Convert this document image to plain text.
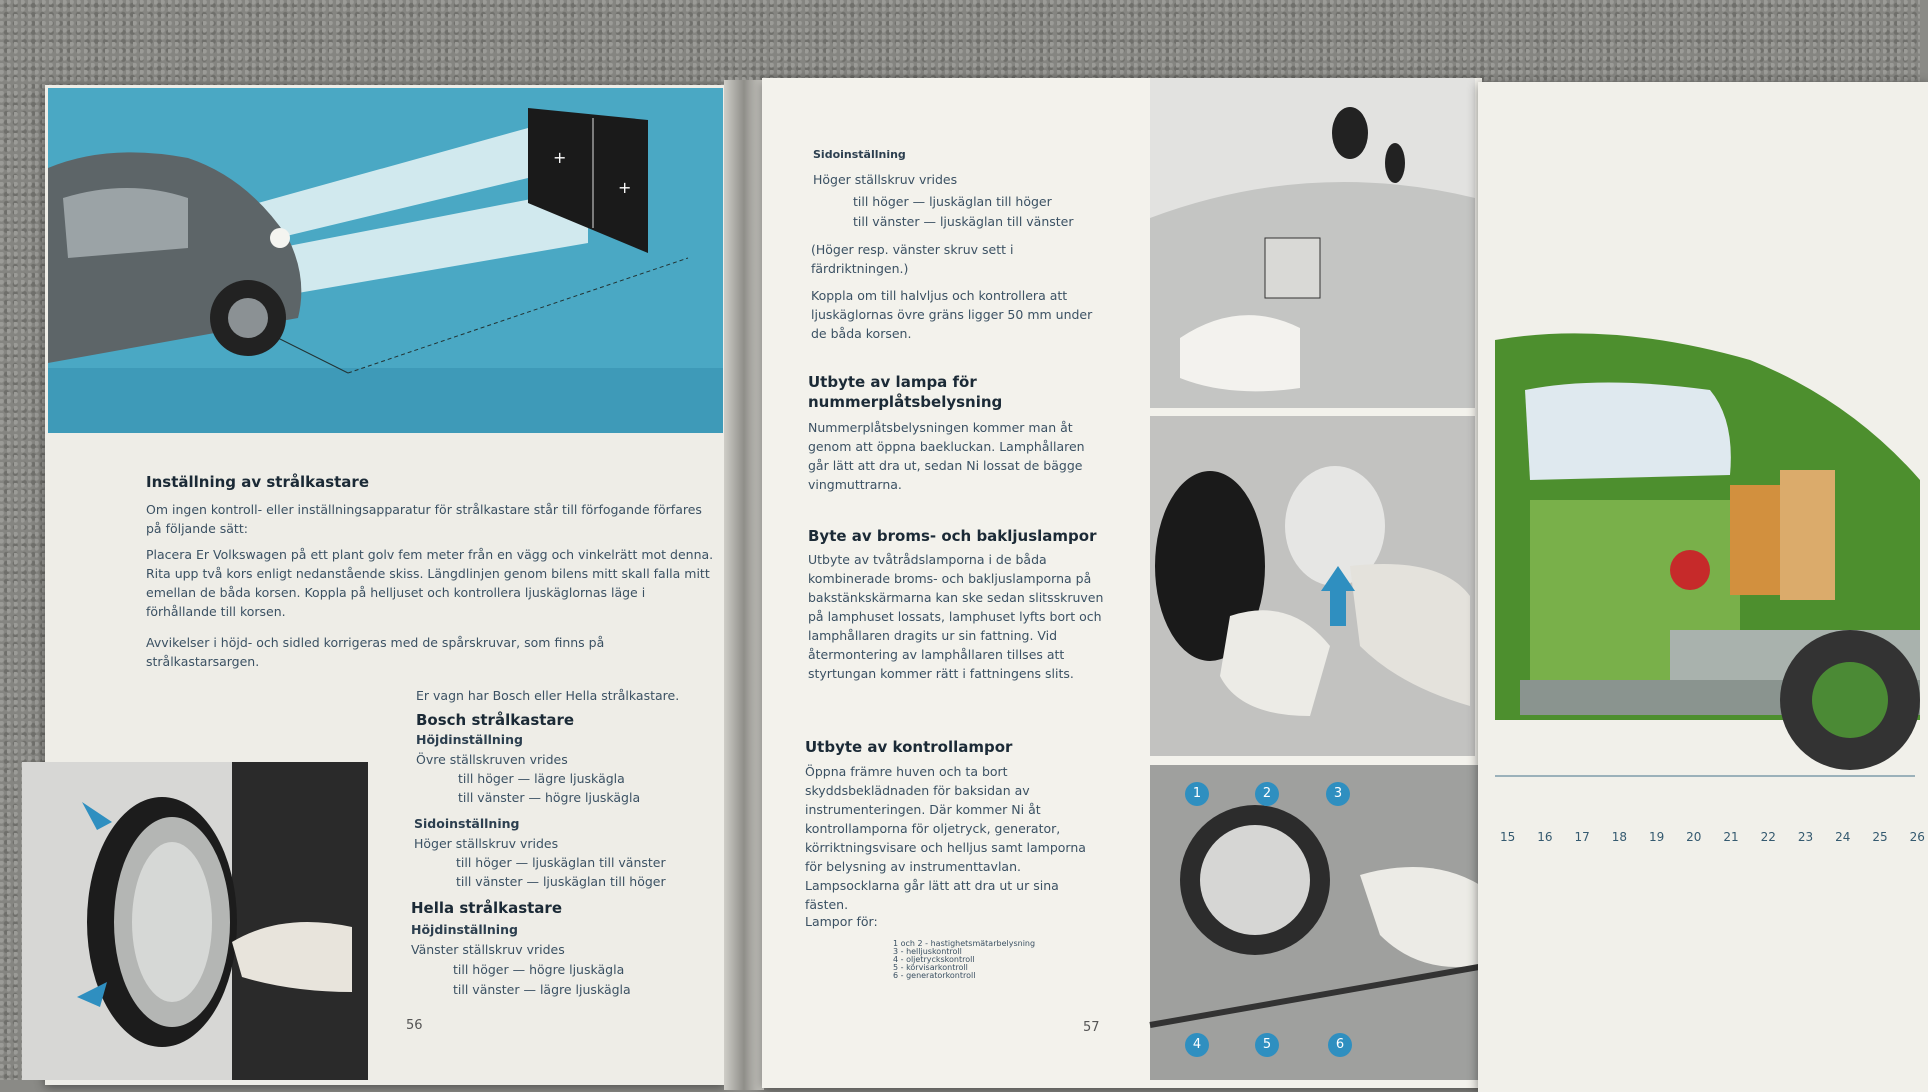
+
+
Inställning av strålkastare
Om ingen kontroll- eller inställningsapparatur för strålkastare står till förfogande förfares på följande sätt:
Placera Er Volkswagen på ett plant golv fem meter från en vägg och vinkelrätt mot denna. Rita upp två kors enligt nedanstående skiss. Längdlinjen genom bilens mitt skall falla mitt emellan de båda korsen. Koppla på helljuset och kontrollera ljuskäglornas läge i förhållande till korsen.
Avvikelser i höjd- och sidled korrigeras med de spårskruvar, som finns på strålkastarsargen.
Er vagn har Bosch eller Hella strålkastare.
Bosch strålkastare
Höjdinställning
Övre ställskruven vrides
till höger — lägre ljuskägla
till vänster — högre ljuskägla
Sidoinställning
Höger ställskruv vrides
till höger — ljuskäglan till vänster
till vänster — ljuskäglan till höger
Hella strålkastare
Höjdinställning
Vänster ställskruv vrides
till höger — högre ljuskägla
till vänster — lägre ljuskägla
56
Sidoinställning
Höger ställskruv vrides
till höger — ljuskäglan till höger
till vänster — ljuskäglan till vänster
(Höger resp. vänster skruv sett i färdriktningen.)
Koppla om till halvljus och kontrollera att ljuskäglornas övre gräns ligger 50 mm under de båda korsen.
Utbyte av lampa för nummerplåtsbelysning
Nummerplåtsbelysningen kommer man åt genom att öppna baekluckan. Lamphållaren går lätt att dra ut, sedan Ni lossat de bägge vingmuttrarna.
Byte av broms- och bakljuslampor
Utbyte av tvåtrådslamporna i de båda kombinerade broms- och bakljuslamporna på bakstänkskärmarna kan ske sedan slitsskruven på lamphuset lossats, lamphuset lyfts bort och lamphållaren dragits ur sin fattning. Vid återmontering av lamphållaren tillses att styrtungan kommer rätt i fattningens slits.
Utbyte av kontrollampor
Öppna främre huven och ta bort skyddsbeklädnaden för baksidan av instrumenteringen. Där kommer Ni åt kontrollamporna för oljetryck, generator, körriktningsvisare och helljus samt lamporna för belysning av instrumenttavlan. Lampsocklarna går lätt att dra ut ur sina fästen.
Lampor för:
1 och 2 - hastighetsmätarbelysning
3 - helljuskontroll
4 - oljetryckskontroll
5 - körvisarkontroll
6 - generatorkontroll
57
1	2	3
4	5	6
15 16 17 18 19 20 21 22 23 24 25 26
